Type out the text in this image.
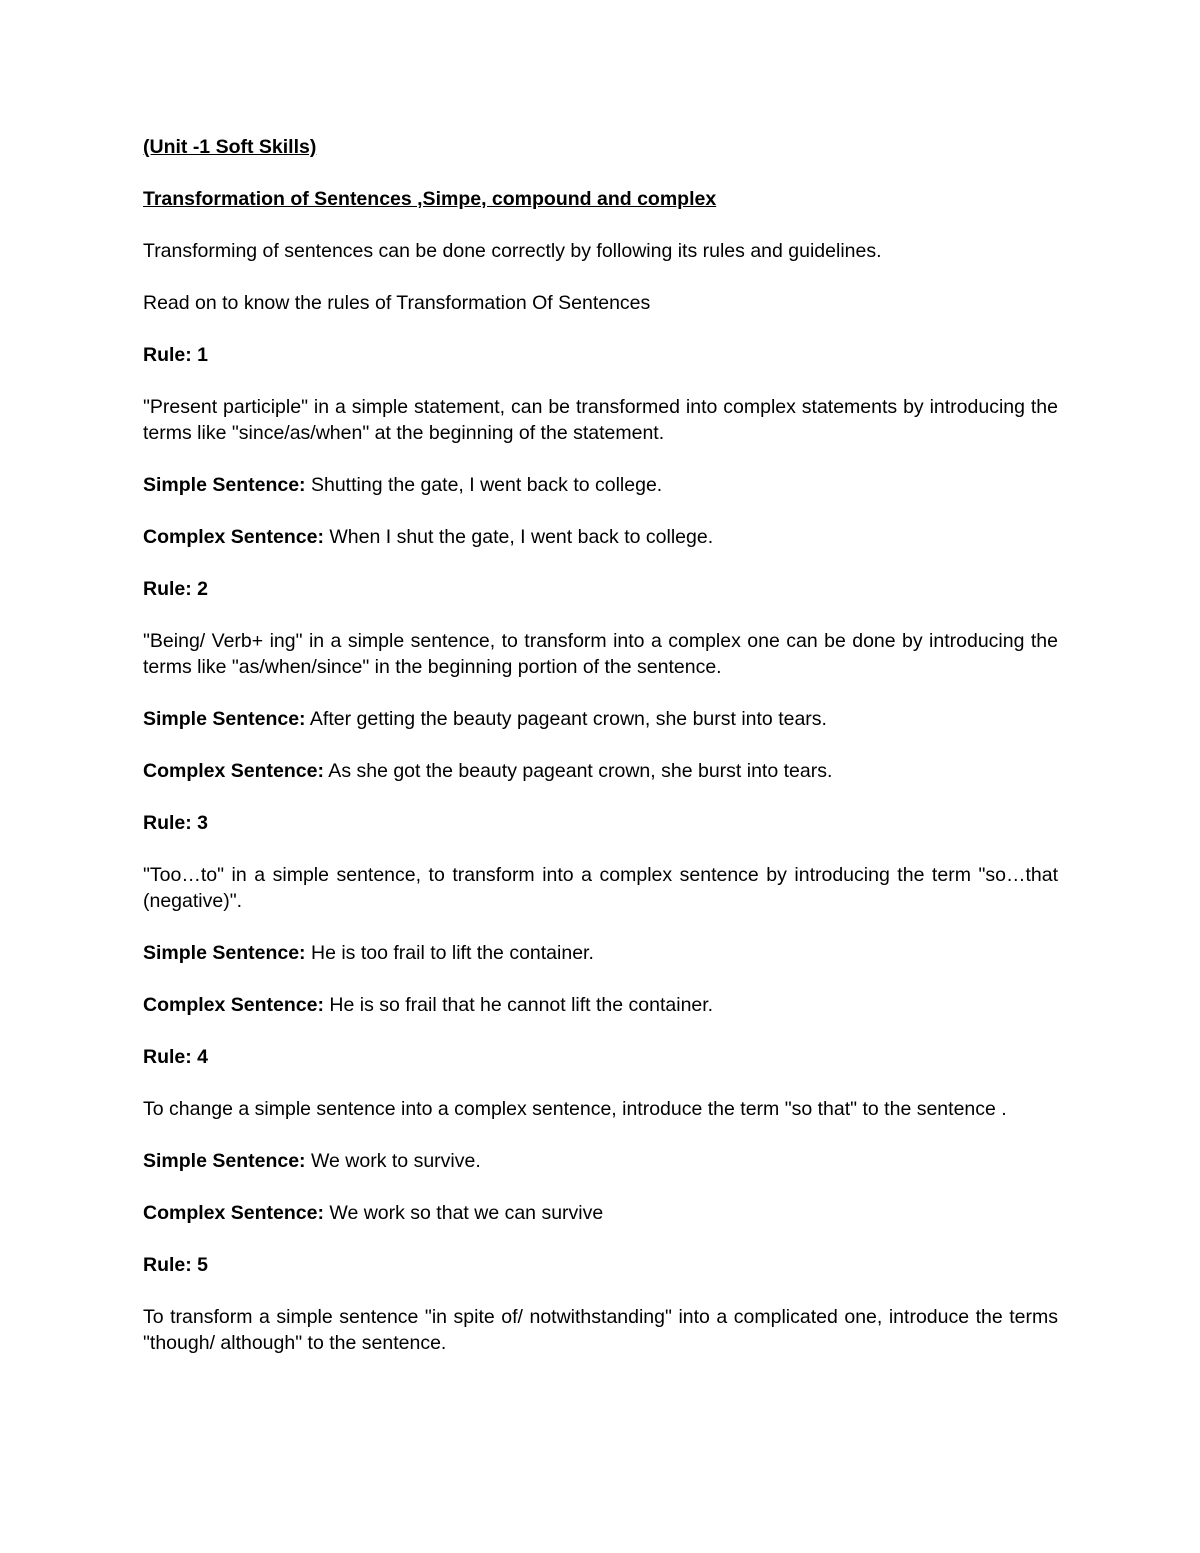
(Unit -1 Soft Skills)

Transformation of Sentences ,Simpe, compound and complex

Transforming of sentences can be done correctly by following its rules and guidelines.

Read on to know the rules of Transformation Of Sentences

Rule: 1

"Present participle" in a simple statement, can be transformed into complex statements by introducing the terms like "since/as/when" at the beginning of the statement.

Simple Sentence: Shutting the gate, I went back to college.

Complex Sentence: When I shut the gate, I went back to college.

Rule: 2

"Being/ Verb+ ing" in a simple sentence, to transform into a complex one can be done by introducing the terms like "as/when/since" in the beginning portion of the sentence.

Simple Sentence: After getting the beauty pageant crown, she burst into tears.

Complex Sentence: As she got the beauty pageant crown, she burst into tears.

Rule: 3

"Too…to" in a simple sentence, to transform into a complex sentence by introducing the term "so…that (negative)".

Simple Sentence: He is too frail to lift the container.

Complex Sentence: He is so frail that he cannot lift the container.

Rule: 4

To change a simple sentence into a complex sentence, introduce the term "so that" to the sentence .

Simple Sentence: We work to survive.

Complex Sentence: We work so that we can survive

Rule: 5

To transform a simple sentence "in spite of/ notwithstanding" into a complicated one, introduce the terms "though/ although" to the sentence.
